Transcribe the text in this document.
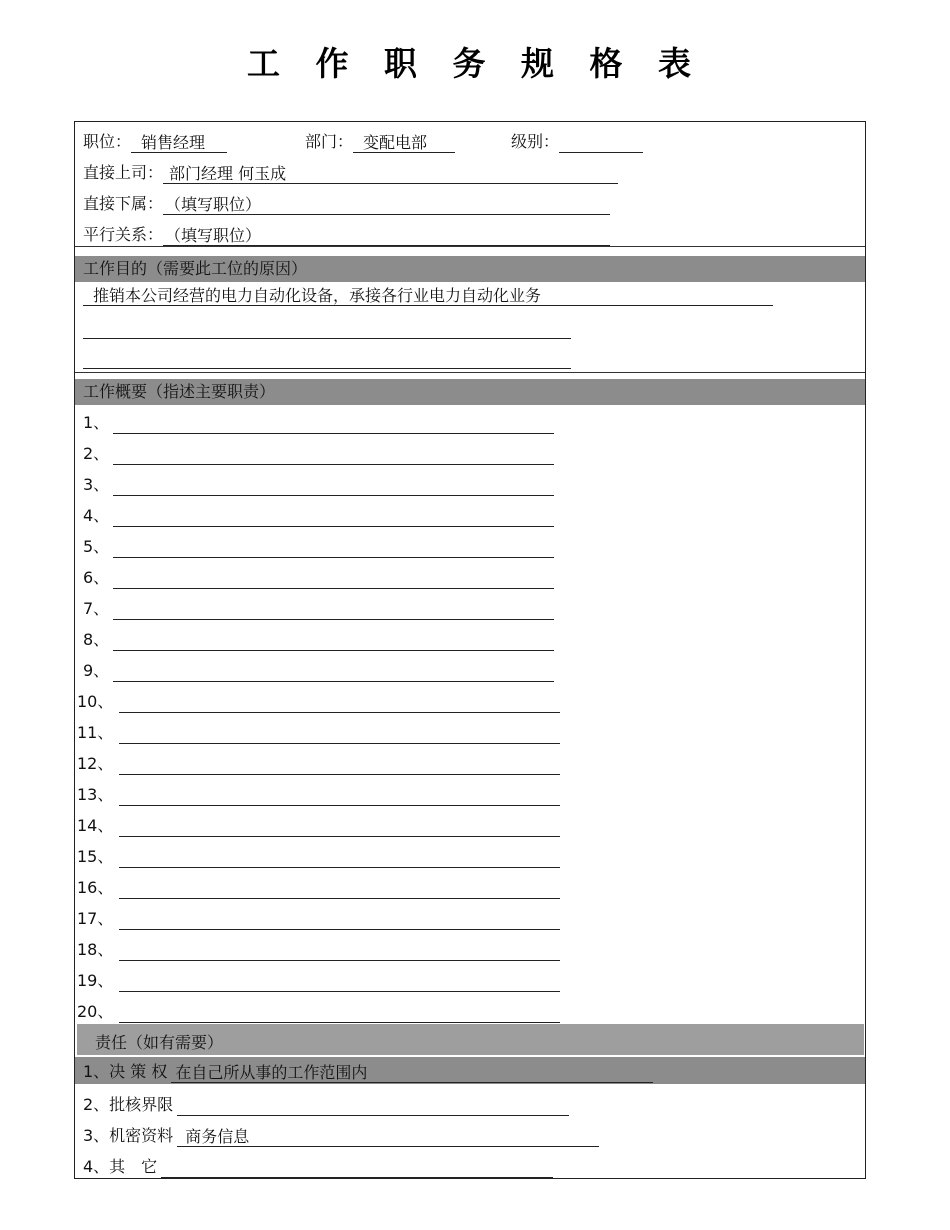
工 作 职 务 规 格 表
职位： 销售经理	部门： 变配电部	级别：
直接上司： 部门经理 何玉成
直接下属： （填写职位）
平行关系： （填写职位）
工作目的（需要此工位的原因）
推销本公司经营的电力自动化设备，承接各行业电力自动化业务
工作概要（指述主要职责）
1、
2、
3、
4、
5、
6、
7、
8、
9、
10、
11、
12、
13、
14、
15、
16、
17、
18、
19、
20、
责任（如有需要）
1、决 策 权 在自己所从事的工作范围内
2、批核界限
3、机密资料 商务信息
4、其　它
